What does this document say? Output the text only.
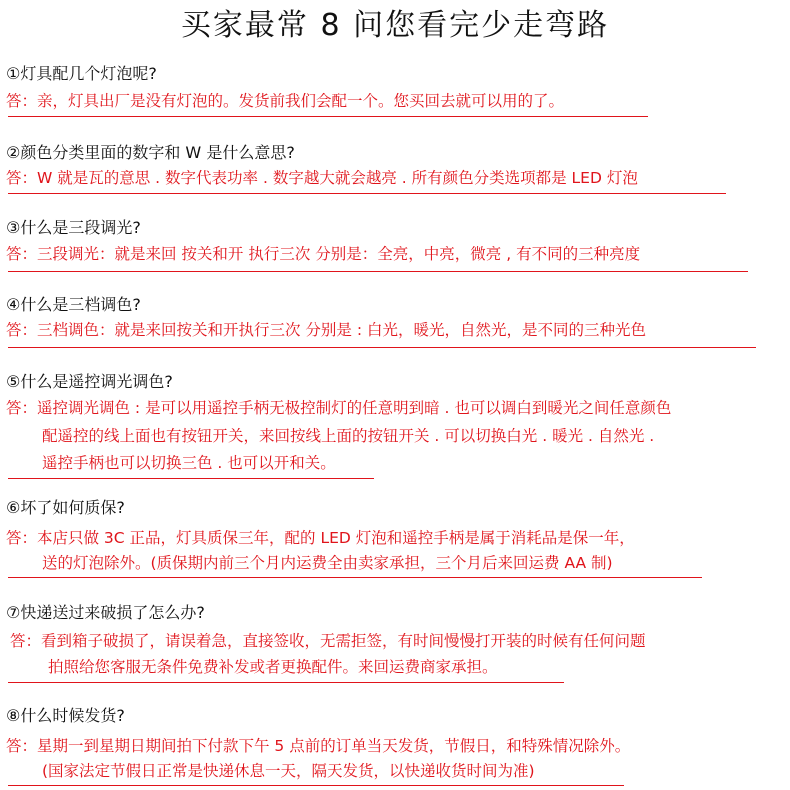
买家最常 8 问您看完少走弯路
①灯具配几个灯泡呢?
答：亲，灯具出厂是没有灯泡的。发货前我们会配一个。您买回去就可以用的了。
②颜色分类里面的数字和 W 是什么意思?
答：W 就是瓦的意思 . 数字代表功率 . 数字越大就会越亮 . 所有颜色分类选项都是 LED 灯泡
③什么是三段调光?
答：三段调光：就是来回 按关和开 执行三次 分别是：全亮，中亮，微亮 , 有不同的三种亮度
④什么是三档调色?
答：三档调色：就是来回按关和开执行三次 分别是 : 白光，暖光，自然光，是不同的三种光色
⑤什么是遥控调光调色?
答：遥控调光调色 : 是可以用遥控手柄无极控制灯的任意明到暗 . 也可以调白到暖光之间任意颜色
配遥控的线上面也有按钮开关，来回按线上面的按钮开关 . 可以切换白光 . 暖光 . 自然光 .
遥控手柄也可以切换三色 . 也可以开和关。
⑥坏了如何质保?
答：本店只做 3C 正品，灯具质保三年，配的 LED 灯泡和遥控手柄是属于消耗品是保一年，
送的灯泡除外。(质保期内前三个月内运费全由卖家承担，三个月后来回运费 AA 制)
⑦快递送过来破损了怎么办?
答：看到箱子破损了，请误着急，直接签收，无需拒签，有时间慢慢打开装的时候有任何问题
拍照给您客服无条件免费补发或者更换配件。来回运费商家承担。
⑧什么时候发货?
答：星期一到星期日期间拍下付款下午 5 点前的订单当天发货，节假日，和特殊情况除外。
(国家法定节假日正常是快递休息一天，隔天发货，以快递收货时间为准)
